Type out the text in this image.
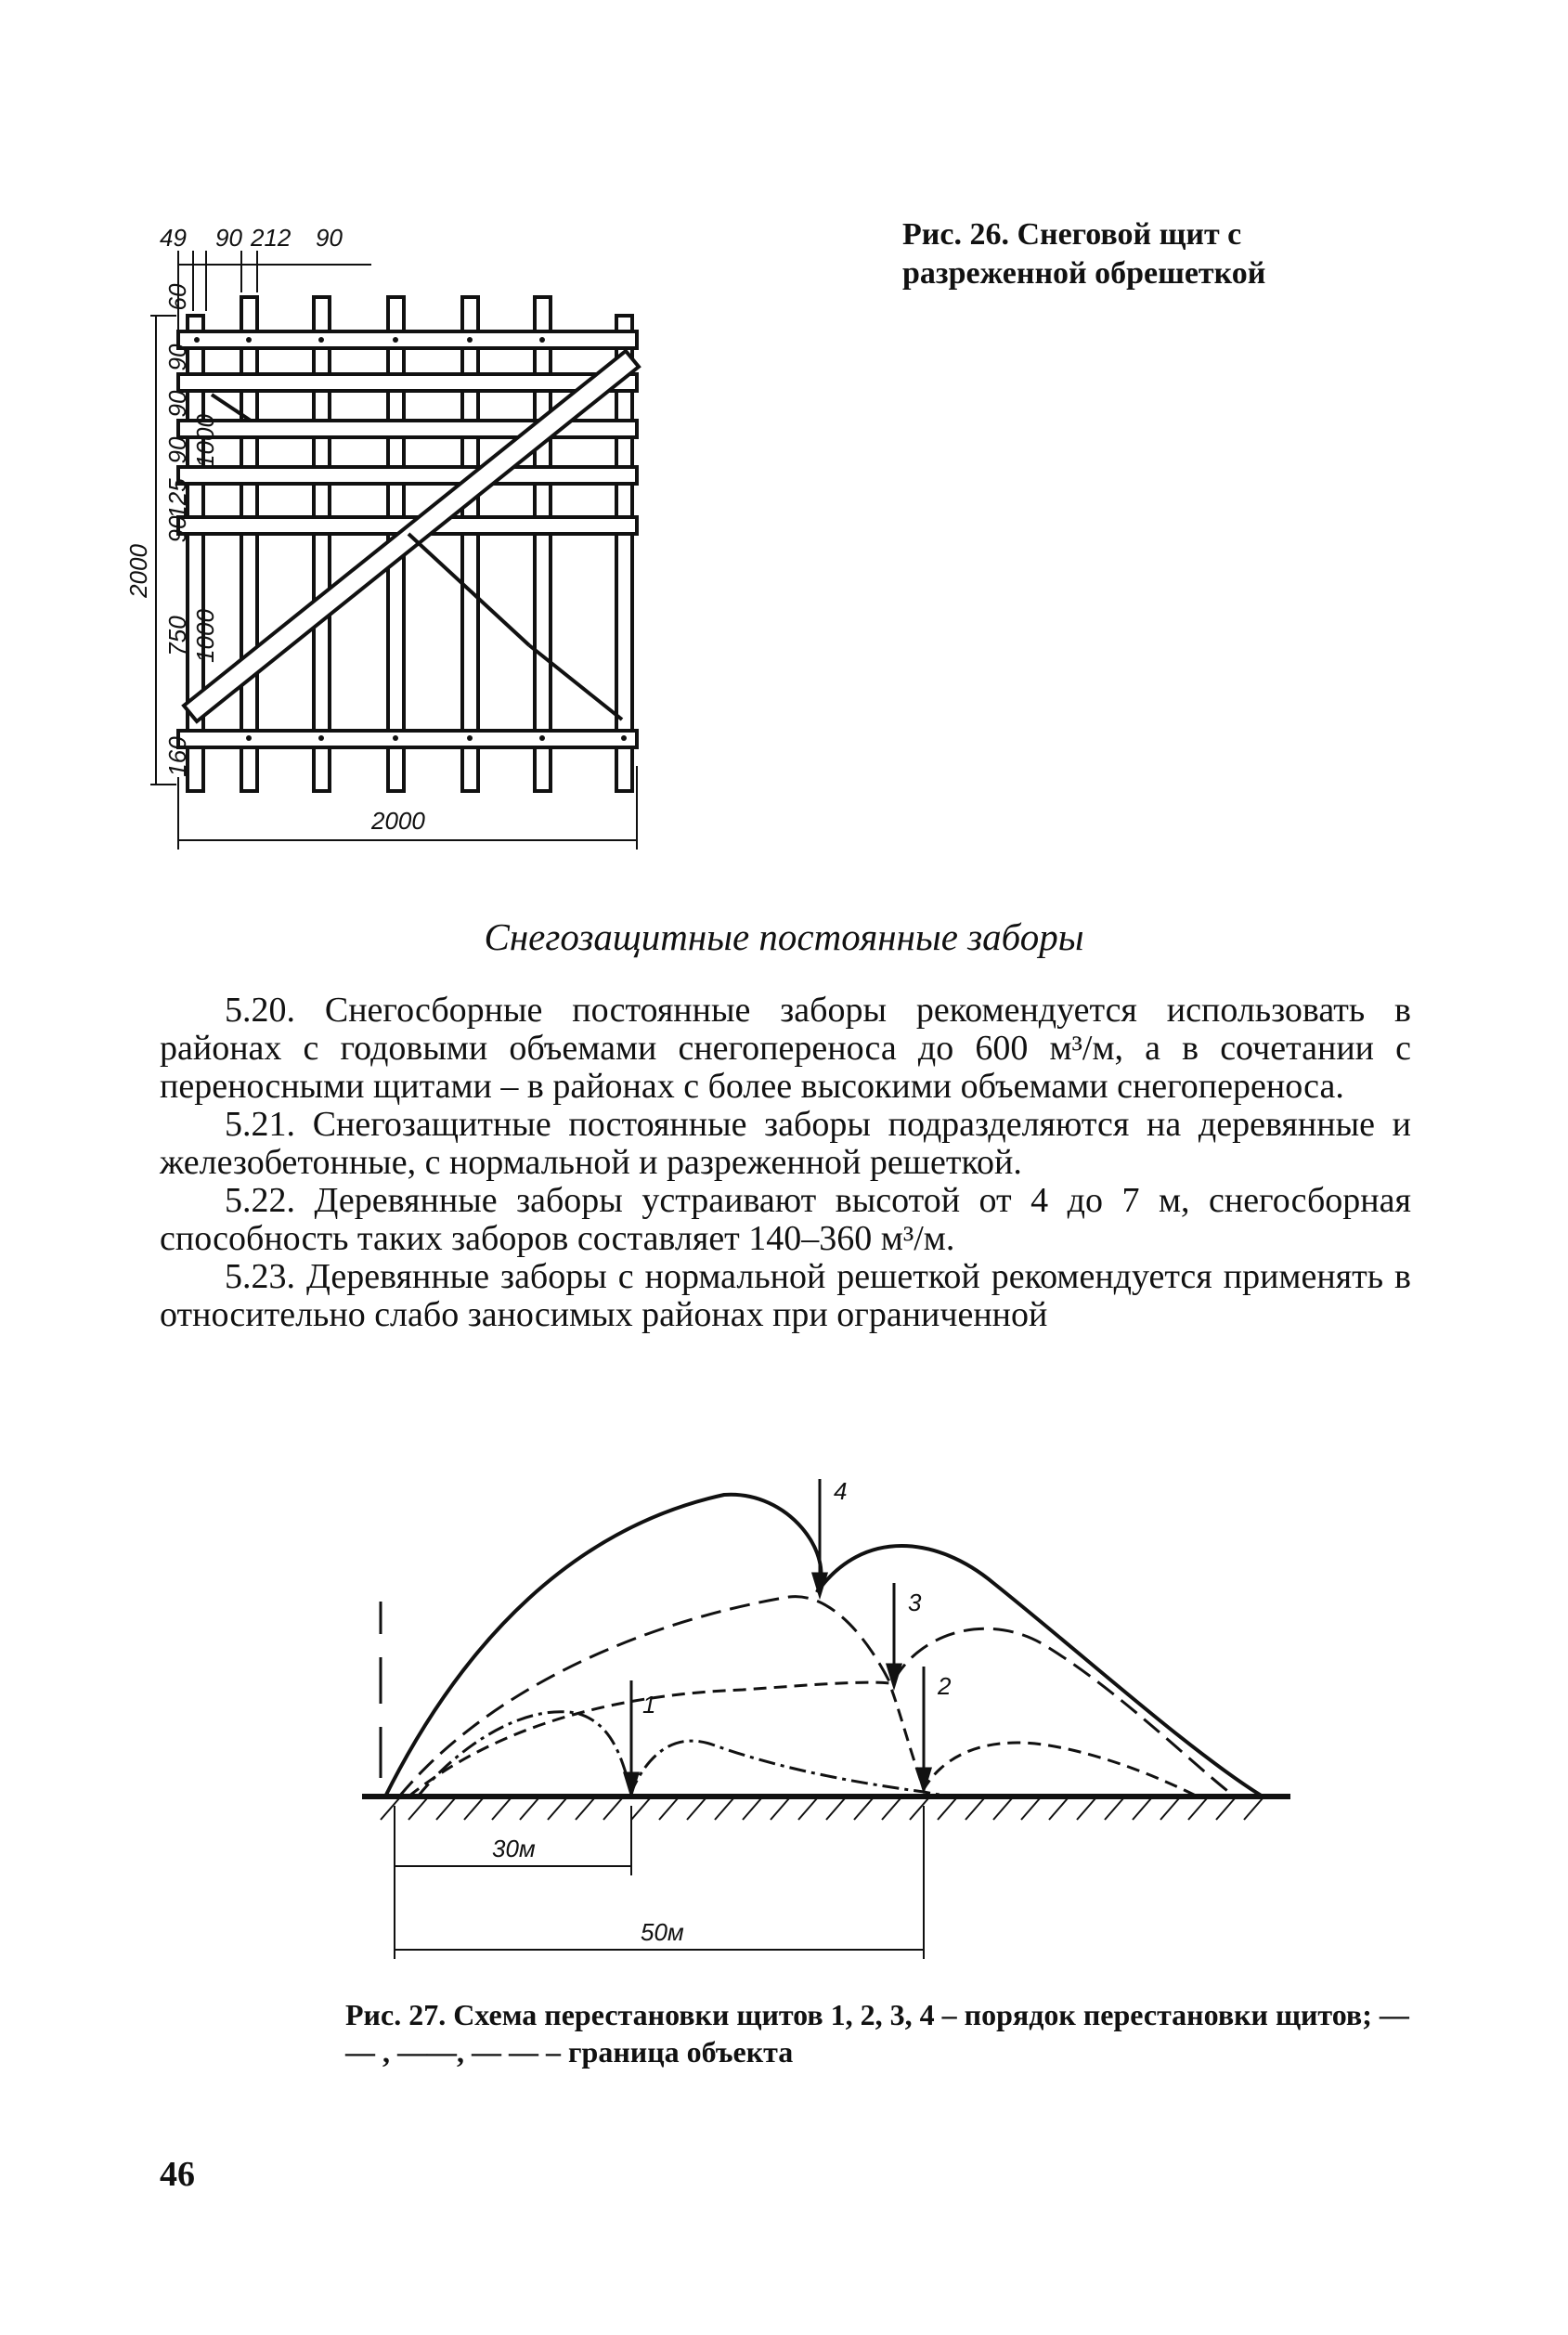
49 90 212 90
2000
2000
1000
1000
60
90
90
90
125
90
750
160
Рис. 26. Снеговой щит с разреженной обрешеткой
Снегозащитные постоянные заборы

5.20. Снегосборные постоянные заборы рекомендуется использовать в районах с годовыми объемами снегопереноса до 600 м³/м, а в сочетании с переносными щитами – в районах с более высокими объемами снегопереноса.

5.21. Снегозащитные постоянные заборы подразделяются на деревянные и железобетонные, с нормальной и разреженной решеткой.

5.22. Деревянные заборы устраивают высотой от 4 до 7 м, снегосборная способность таких заборов составляет 140–360 м³/м.

5.23. Деревянные заборы с нормальной решеткой рекомендуется применять в относительно слабо заносимых районах при ограниченной

1
2
3
4
30м
50м
Рис. 27. Схема перестановки щитов 1, 2, 3, 4 – порядок перестановки щитов; — — , ——, — — – граница объекта
46
